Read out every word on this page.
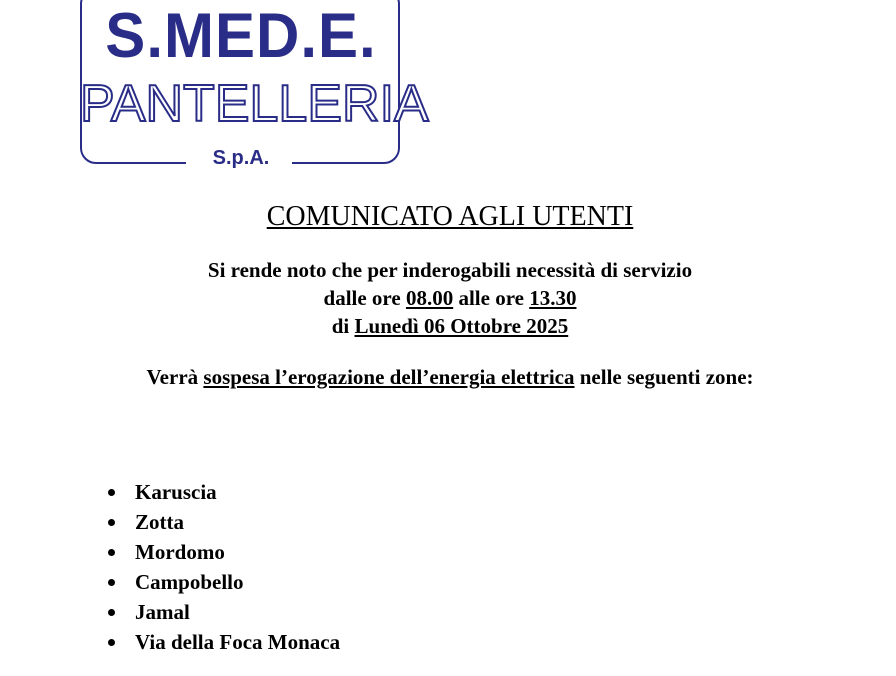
S.MED.E.
PANTELLERIA
S.p.A.
COMUNICATO AGLI UTENTI

Si rende noto che per inderogabili necessità di servizio

dalle ore 08.00 alle ore 13.30

di Lunedì 06 Ottobre 2025

Verrà sospesa l’erogazione dell’energia elettrica nelle seguenti zone:
Karuscia
Zotta
Mordomo
Campobello
Jamal
Via della Foca Monaca
